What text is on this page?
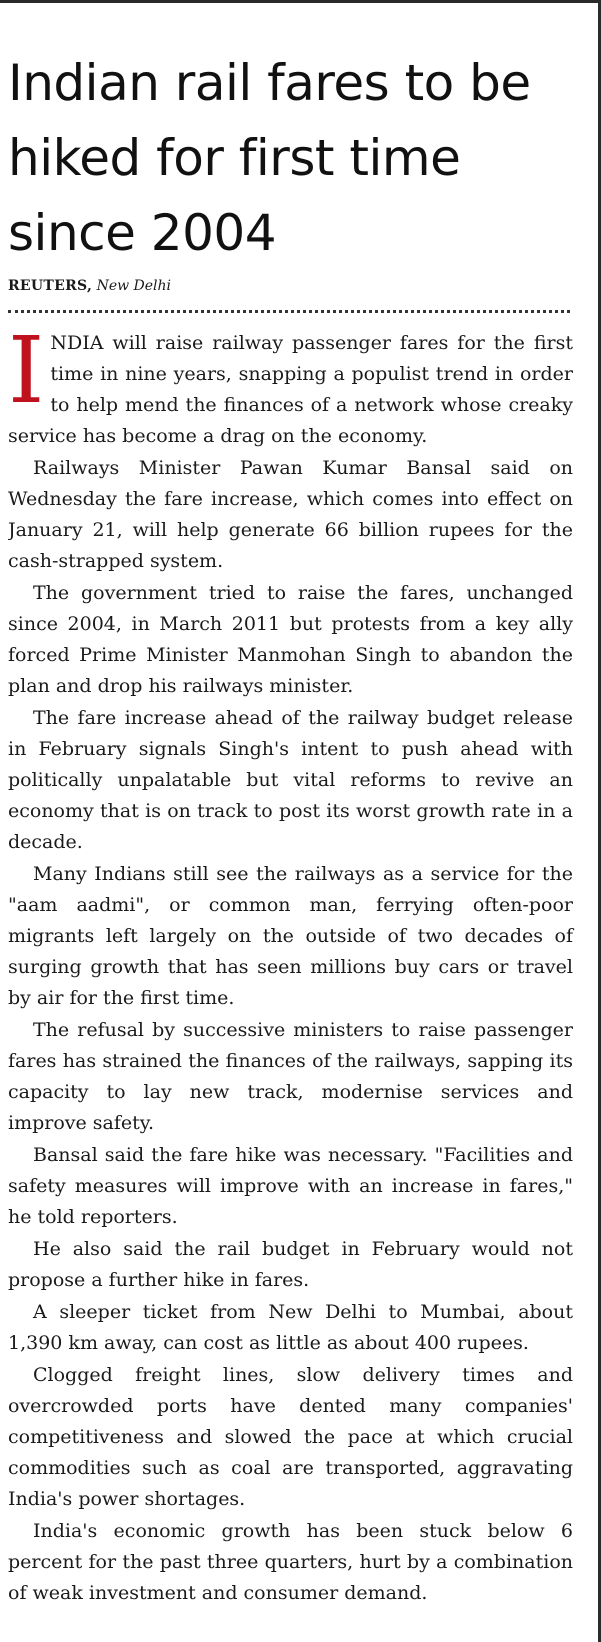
Indian rail fares to be hiked for first time since 2004
REUTERS, New Delhi

INDIA will raise railway passenger fares for the first time in nine years, snapping a populist trend in order to help mend the finances of a network whose creaky service has become a drag on the economy.

Railways Minister Pawan Kumar Bansal said on Wednesday the fare increase, which comes into effect on January 21, will help generate 66 billion rupees for the cash-strapped system.

The government tried to raise the fares, unchanged since 2004, in March 2011 but protests from a key ally forced Prime Minister Manmohan Singh to abandon the plan and drop his railways minister.

The fare increase ahead of the railway budget release in February signals Singh's intent to push ahead with politically unpalatable but vital reforms to revive an economy that is on track to post its worst growth rate in a decade.

Many Indians still see the railways as a service for the "aam aadmi", or common man, ferrying often-poor migrants left largely on the outside of two decades of surging growth that has seen millions buy cars or travel by air for the first time.

The refusal by successive ministers to raise passenger fares has strained the finances of the railways, sapping its capacity to lay new track, modernise services and improve safety.

Bansal said the fare hike was necessary. "Facilities and safety measures will improve with an increase in fares," he told reporters.

He also said the rail budget in February would not propose a further hike in fares.

A sleeper ticket from New Delhi to Mumbai, about 1,390 km away, can cost as little as about 400 rupees.

Clogged freight lines, slow delivery times and overcrowded ports have dented many companies' competitiveness and slowed the pace at which crucial commodities such as coal are transported, aggravating India's power shortages.

India's economic growth has been stuck below 6 percent for the past three quarters, hurt by a combination of weak investment and consumer demand.
